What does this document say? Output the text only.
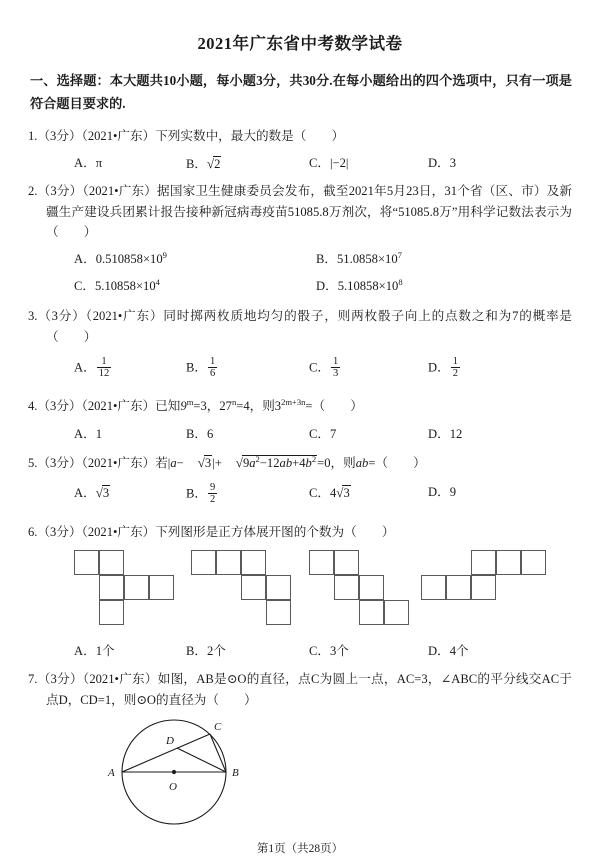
2021年广东省中考数学试卷
一、选择题：本大题共10小题，每小题3分，共30分.在每小题给出的四个选项中，只有一项是符合题目要求的.
1.（3分）（2021•广东）下列实数中，最大的数是（　　）
A．π	B．√2	C．|−2|	D．3
2.（3分）（2021•广东）据国家卫生健康委员会发布，截至2021年5月23日，31个省（区、市）及新疆生产建设兵团累计报告接种新冠病毒疫苗51085.8万剂次，将“51085.8万”用科学记数法表示为（　　）
A．$0.510858\times 10^9$	B．$51.0858\times 10^7$
C．$5.10858\times 10^4$	D．$5.10858\times 10^8$
3.（3分）（2021•广东）同时掷两枚质地均匀的骰子，则两枚骰子向上的点数之和为7的概率是（　　）
A． $\frac{1}{12}$	B． $\frac{1}{6}$	C． $\frac{1}{3}$	D． $\frac{1}{2}$
4.（3分）（2021•广东）已知$9^m=3$，$27^n=4$，则$3^{2m+3n}=$（　　）
A．1	B．6	C．7	D．12
5.（3分）（2021•广东）若$|a- √3|+ √9a^2-12ab+4b^2=0$，则ab=（　　）
A．√3	B． $\frac{9}{2}$	C．4√3	D．9
6.（3分）（2021•广东）下列图形是正方体展开图的个数为（　　）
A．1个	B．2个	C．3个	D．4个
7.（3分）（2021•广东）如图，AB是⊙O的直径，点C为圆上一点，AC=3，∠ABC的平分线交AC于点D，CD=1，则⊙O的直径为（　　）
A	B
C
D
O
第1页（共28页）
